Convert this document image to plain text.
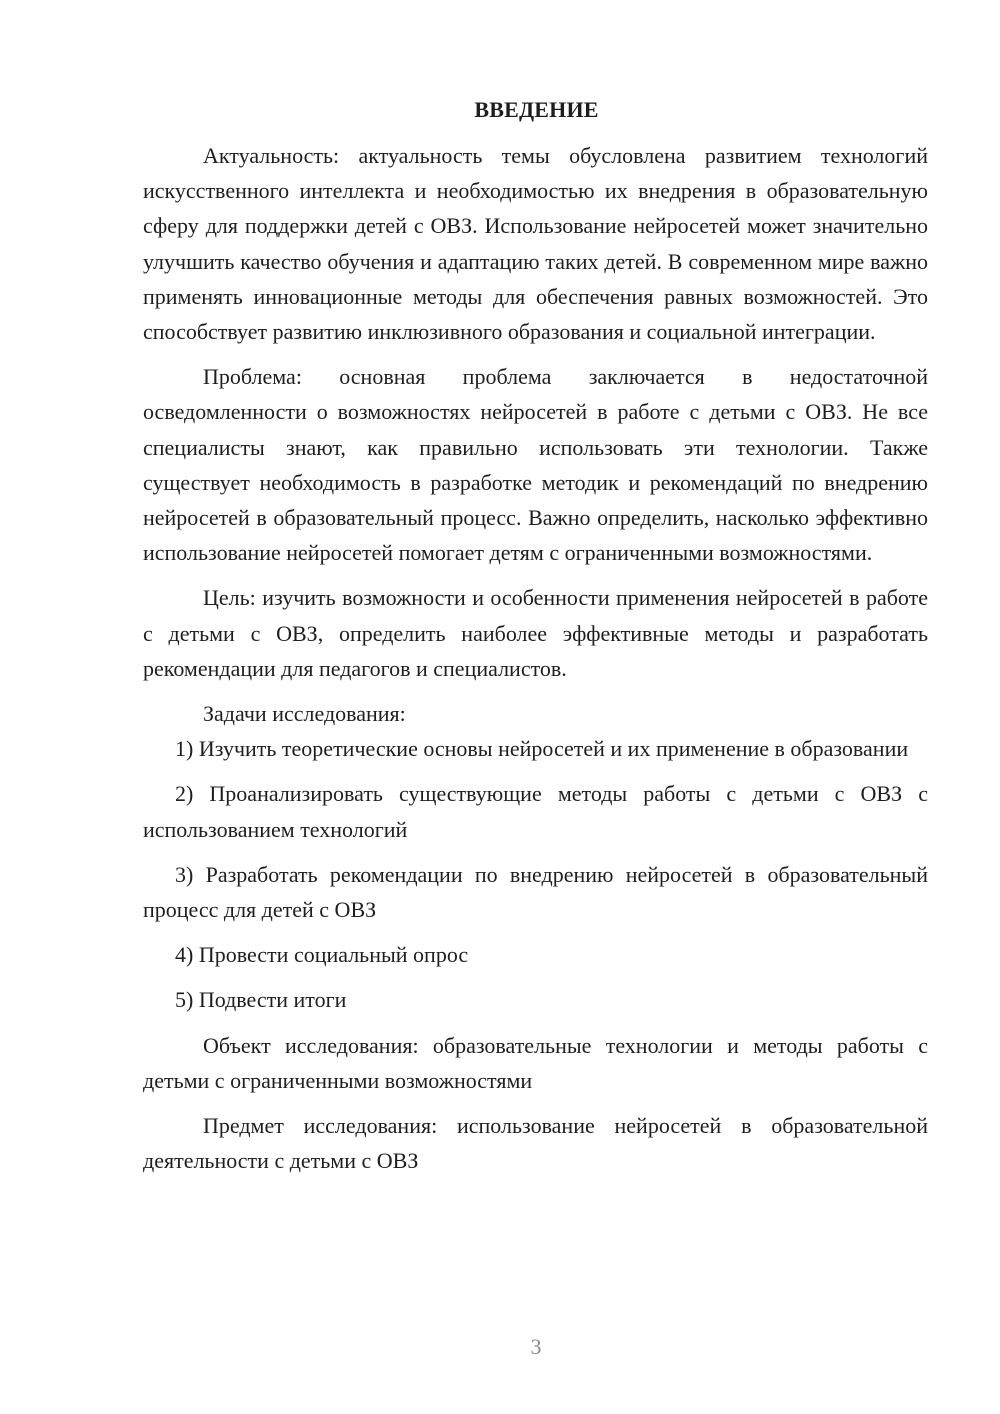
ВВЕДЕНИЕ

Актуальность: актуальность темы обусловлена развитием технологий искусственного интеллекта и необходимостью их внедрения в образовательную сферу для поддержки детей с ОВЗ. Использование нейросетей может значительно улучшить качество обучения и адаптацию таких детей. В современном мире важно применять инновационные методы для обеспечения равных возможностей. Это способствует развитию инклюзивного образования и социальной интеграции.

Проблема: основная проблема заключается в недостаточной осведомленности о возможностях нейросетей в работе с детьми с ОВЗ. Не все специалисты знают, как правильно использовать эти технологии. Также существует необходимость в разработке методик и рекомендаций по внедрению нейросетей в образовательный процесс. Важно определить, насколько эффективно использование нейросетей помогает детям с ограниченными возможностями.

Цель: изучить возможности и особенности применения нейросетей в работе с детьми с ОВЗ, определить наиболее эффективные методы и разработать рекомендации для педагогов и специалистов.

Задачи исследования:

1) Изучить теоретические основы нейросетей и их применение в образовании

2) Проанализировать существующие методы работы с детьми с ОВЗ с использованием технологий

3) Разработать рекомендации по внедрению нейросетей в образовательный процесс для детей с ОВЗ

4) Провести социальный опрос

5) Подвести итоги

Объект исследования: образовательные технологии и методы работы с детьми с ограниченными возможностями

Предмет исследования: использование нейросетей в образовательной деятельности с детьми с ОВЗ

3
